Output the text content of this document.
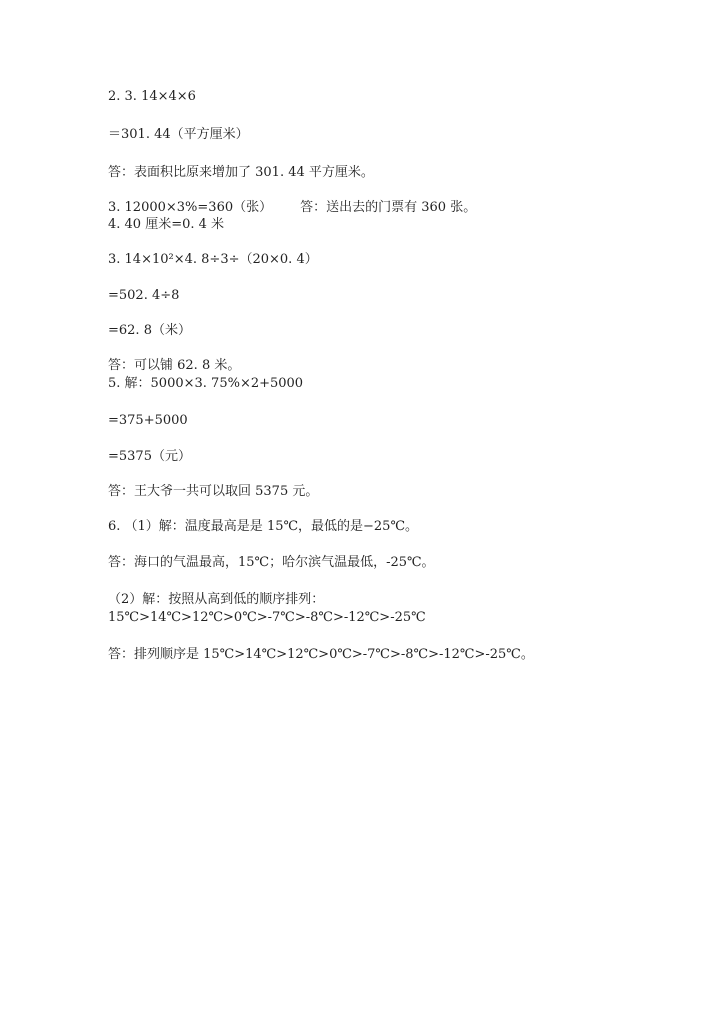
2. 3. 14×4×6
＝301. 44（平方厘米）
答：表面积比原来增加了 301. 44 平方厘米。
3. 12000×3%=360（张） 答：送出去的门票有 360 张。
4. 40 厘米=0. 4 米
3. 14×10²×4. 8÷3÷（20×0. 4）
=502. 4÷8
=62. 8（米）
答：可以铺 62. 8 米。
5. 解：5000×3. 75%×2+5000
=375+5000
=5375（元）
答：王大爷一共可以取回 5375 元。
6. （1）解：温度最高是是 15℃，最低的是−25℃。
答：海口的气温最高，15℃；哈尔滨气温最低，-25℃。
（2）解：按照从高到低的顺序排列：15℃>14℃>12℃>0℃>-7℃>-8℃>-12℃>-25℃
答：排列顺序是 15℃>14℃>12℃>0℃>-7℃>-8℃>-12℃>-25℃。
